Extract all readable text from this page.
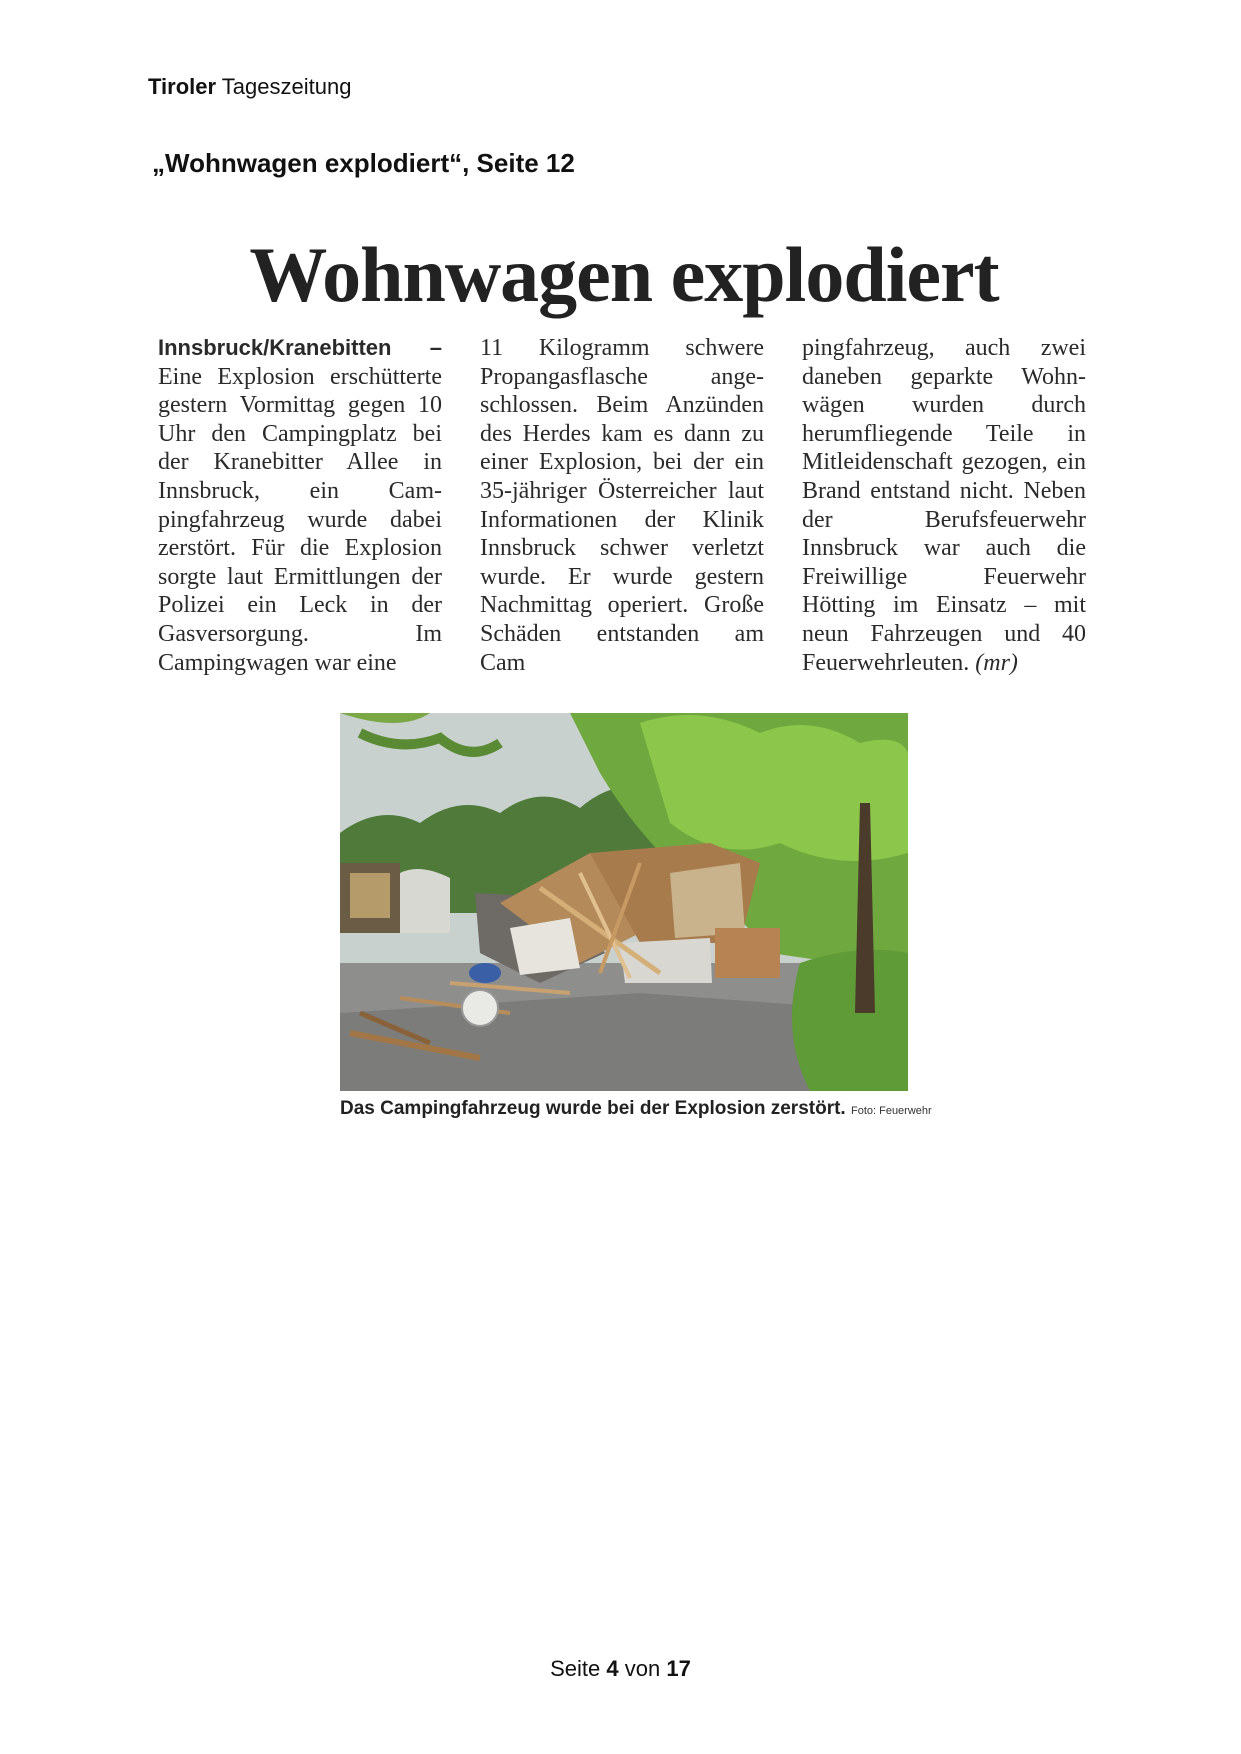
Tiroler Tageszeitung
„Wohnwagen explodiert“, Seite 12
Wohnwagen explodiert
Innsbruck/Kranebitten – Eine Explosion erschütterte gestern Vormittag gegen 10 Uhr den Campingplatz bei der Kranebitter Allee in Innsbruck, ein Campingfahrzeug wurde dabei zerstört. Für die Explosion sorgte laut Ermittlungen der Polizei ein Leck in der Gasversorgung. Im Campingwagen war eine
11 Kilogramm schwere Propangasflasche angeschlossen. Beim Anzünden des Herdes kam es dann zu einer Explosion, bei der ein 35-jähriger Österreicher laut Informationen der Klinik Innsbruck schwer verletzt wurde. Er wurde gestern Nachmittag operiert. Große Schäden entstanden am Cam
pingfahrzeug, auch zwei daneben geparkte Wohnwägen wurden durch herumfliegende Teile in Mitleidenschaft gezogen, ein Brand entstand nicht. Neben der Berufsfeuerwehr Innsbruck war auch die Freiwillige Feuerwehr Hötting im Einsatz – mit neun Fahrzeugen und 40 Feuerwehrleuten. (mr)
Das Campingfahrzeug wurde bei der Explosion zerstört. Foto: Feuerwehr
Seite 4 von 17
